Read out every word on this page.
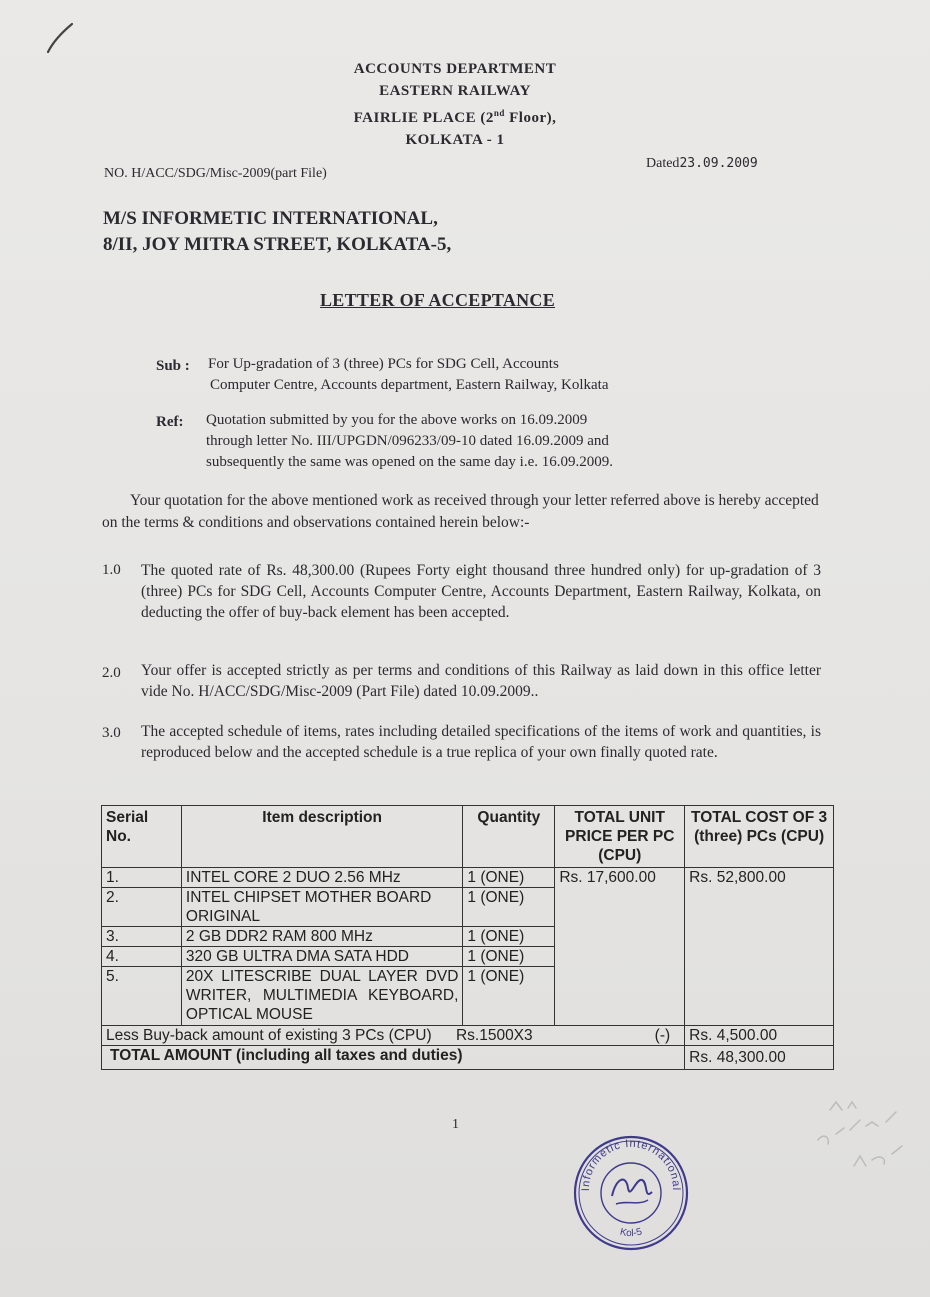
ACCOUNTS DEPARTMENT
EASTERN RAILWAY
FAIRLIE PLACE (2nd Floor),
KOLKATA - 1
NO. H/ACC/SDG/Misc-2009(part File)
Dated23.09.2009
M/S INFORMETIC INTERNATIONAL,
8/II, JOY MITRA STREET, KOLKATA-5,
LETTER OF ACCEPTANCE
Sub : For Up-gradation of 3 (three) PCs for SDG Cell, Accounts
Computer Centre, Accounts department, Eastern Railway, Kolkata
Ref: Quotation submitted by you for the above works on 16.09.2009
through letter No. III/UPGDN/096233/09-10 dated 16.09.2009 and
subsequently the same was opened on the same day i.e. 16.09.2009.

Your quotation for the above mentioned work as received through your letter referred above is hereby accepted on the terms & conditions and observations contained herein below:-

1.0 The quoted rate of Rs. 48,300.00 (Rupees Forty eight thousand three hundred only) for up-gradation of 3 (three) PCs for SDG Cell, Accounts Computer Centre, Accounts Department, Eastern Railway, Kolkata, on deducting the offer of buy-back element has been accepted.

2.0 Your offer is accepted strictly as per terms and conditions of this Railway as laid down in this office letter vide No. H/ACC/SDG/Misc-2009 (Part File) dated 10.09.2009..

3.0 The accepted schedule of items, rates including detailed specifications of the items of work and quantities, is reproduced below and the accepted schedule is a true replica of your own finally quoted rate.

Serial No.	Item description	Quantity	TOTAL UNIT PRICE PER PC (CPU)	TOTAL COST OF 3 (three) PCs (CPU)
1.	INTEL CORE 2 DUO 2.56 MHz	1 (ONE)	Rs. 17,600.00	Rs. 52,800.00
2.	INTEL CHIPSET MOTHER BOARD ORIGINAL	1 (ONE)		
3.	2 GB DDR2 RAM 800 MHz	1 (ONE)		
4.	320 GB ULTRA DMA SATA HDD	1 (ONE)		
5.	20X LITESCRIBE DUAL LAYER DVD WRITER, MULTIMEDIA KEYBOARD, OPTICAL MOUSE	1 (ONE)		
Less Buy-back amount of existing 3 PCs (CPU) Rs.1500X3			(-)	Rs. 4,500.00
TOTAL AMOUNT (including all taxes and duties)				Rs. 48,300.00
1
Informetic International
Kol-5
